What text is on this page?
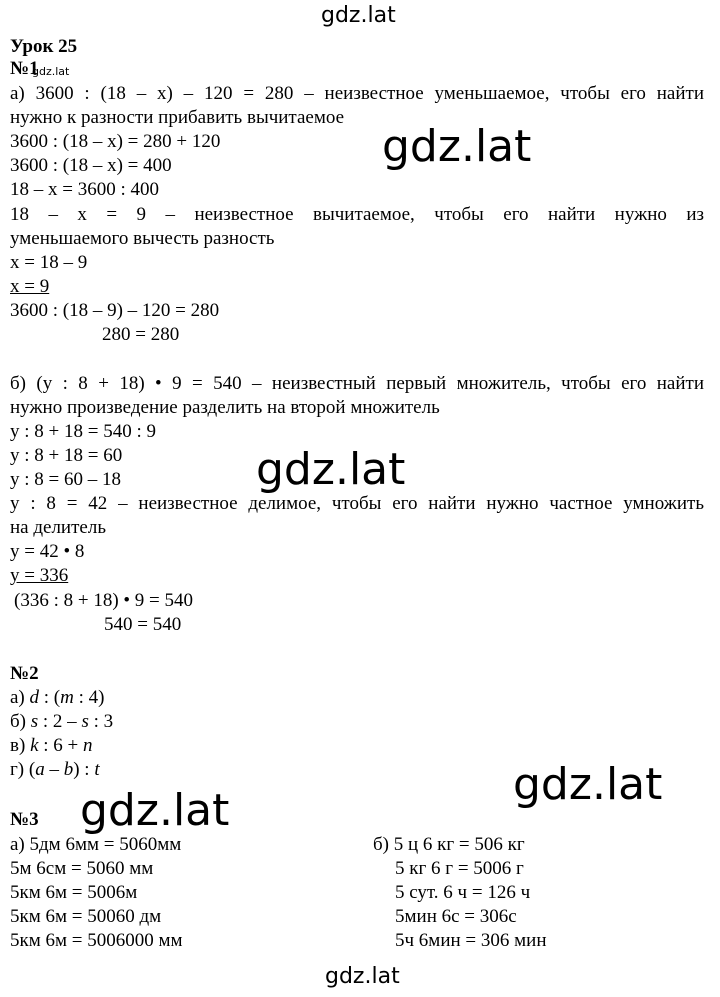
gdz.lat
gdz.lat
gdz.lat
gdz.lat
gdz.lat
gdz.lat
gdz.lat
Урок 25
№1
а) 3600 : (18 – х) – 120 = 280 – неизвестное уменьшаемое, чтобы его найти
нужно к разности прибавить вычитаемое
3600 : (18 – х) = 280 + 120
3600 : (18 – х) = 400
18 – х = 3600 : 400
18 – х = 9 – неизвестное вычитаемое, чтобы его найти нужно из
уменьшаемого вычесть разность
х = 18 – 9
х = 9
3600 : (18 – 9) – 120 = 280
280 = 280
б) (у : 8 + 18) • 9 = 540 – неизвестный первый множитель, чтобы его найти
нужно произведение разделить на второй множитель
у : 8 + 18 = 540 : 9
у : 8 + 18 = 60
у : 8 = 60 – 18
у : 8 = 42 – неизвестное делимое, чтобы его найти нужно частное умножить
на делитель
у = 42 • 8
у = 336
(336 : 8 + 18) • 9 = 540
540 = 540
№2
а) d : (m : 4)
б) s : 2 – s : 3
в) k : 6 + n
г) (а – b) : t
№3
а) 5дм 6мм = 5060мм
5м 6см = 5060 мм
5км 6м = 5006м
5км 6м = 50060 дм
5км 6м = 5006000 мм
б) 5 ц 6 кг = 506 кг
5 кг 6 г = 5006 г
5 сут. 6 ч = 126 ч
5мин 6с = 306с
5ч 6мин = 306 мин
